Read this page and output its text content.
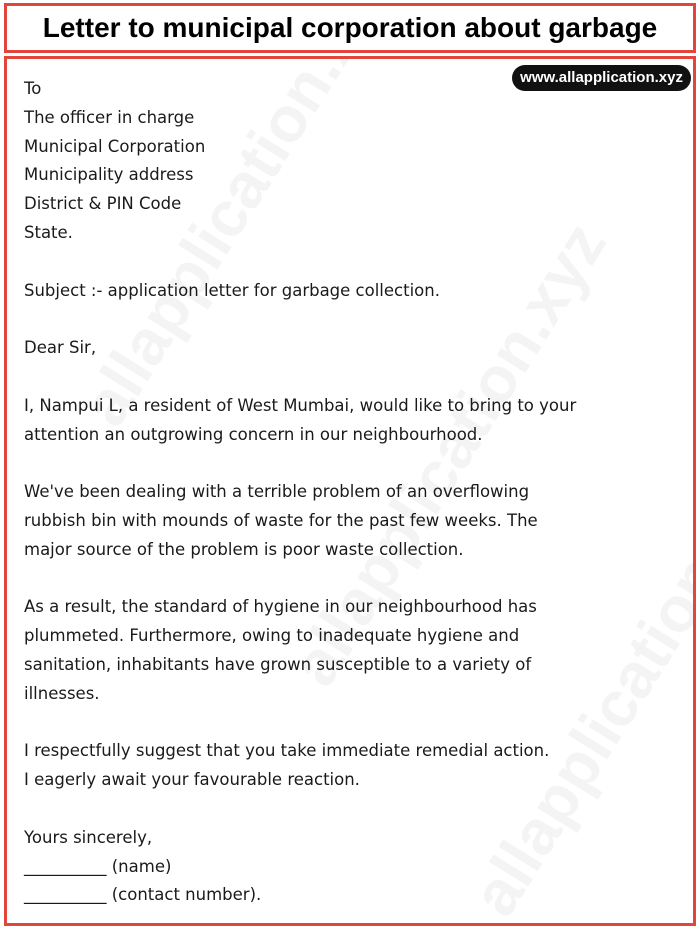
Letter to municipal corporation about garbage
www.allapplication.xyz
To
The officer in charge
Municipal Corporation
Municipality address
District & PIN Code
State.
Subject :- application letter for garbage collection.
Dear Sir,
I, Nampui L, a resident of West Mumbai, would like to bring to your
attention an outgrowing concern in our neighbourhood.
We've been dealing with a terrible problem of an overflowing
rubbish bin with mounds of waste for the past few weeks. The
major source of the problem is poor waste collection.
As a result, the standard of hygiene in our neighbourhood has
plummeted. Furthermore, owing to inadequate hygiene and
sanitation, inhabitants have grown susceptible to a variety of
illnesses.
I respectfully suggest that you take immediate remedial action.
I eagerly await your favourable reaction.
Yours sincerely,
__________ (name)
__________ (contact number).
